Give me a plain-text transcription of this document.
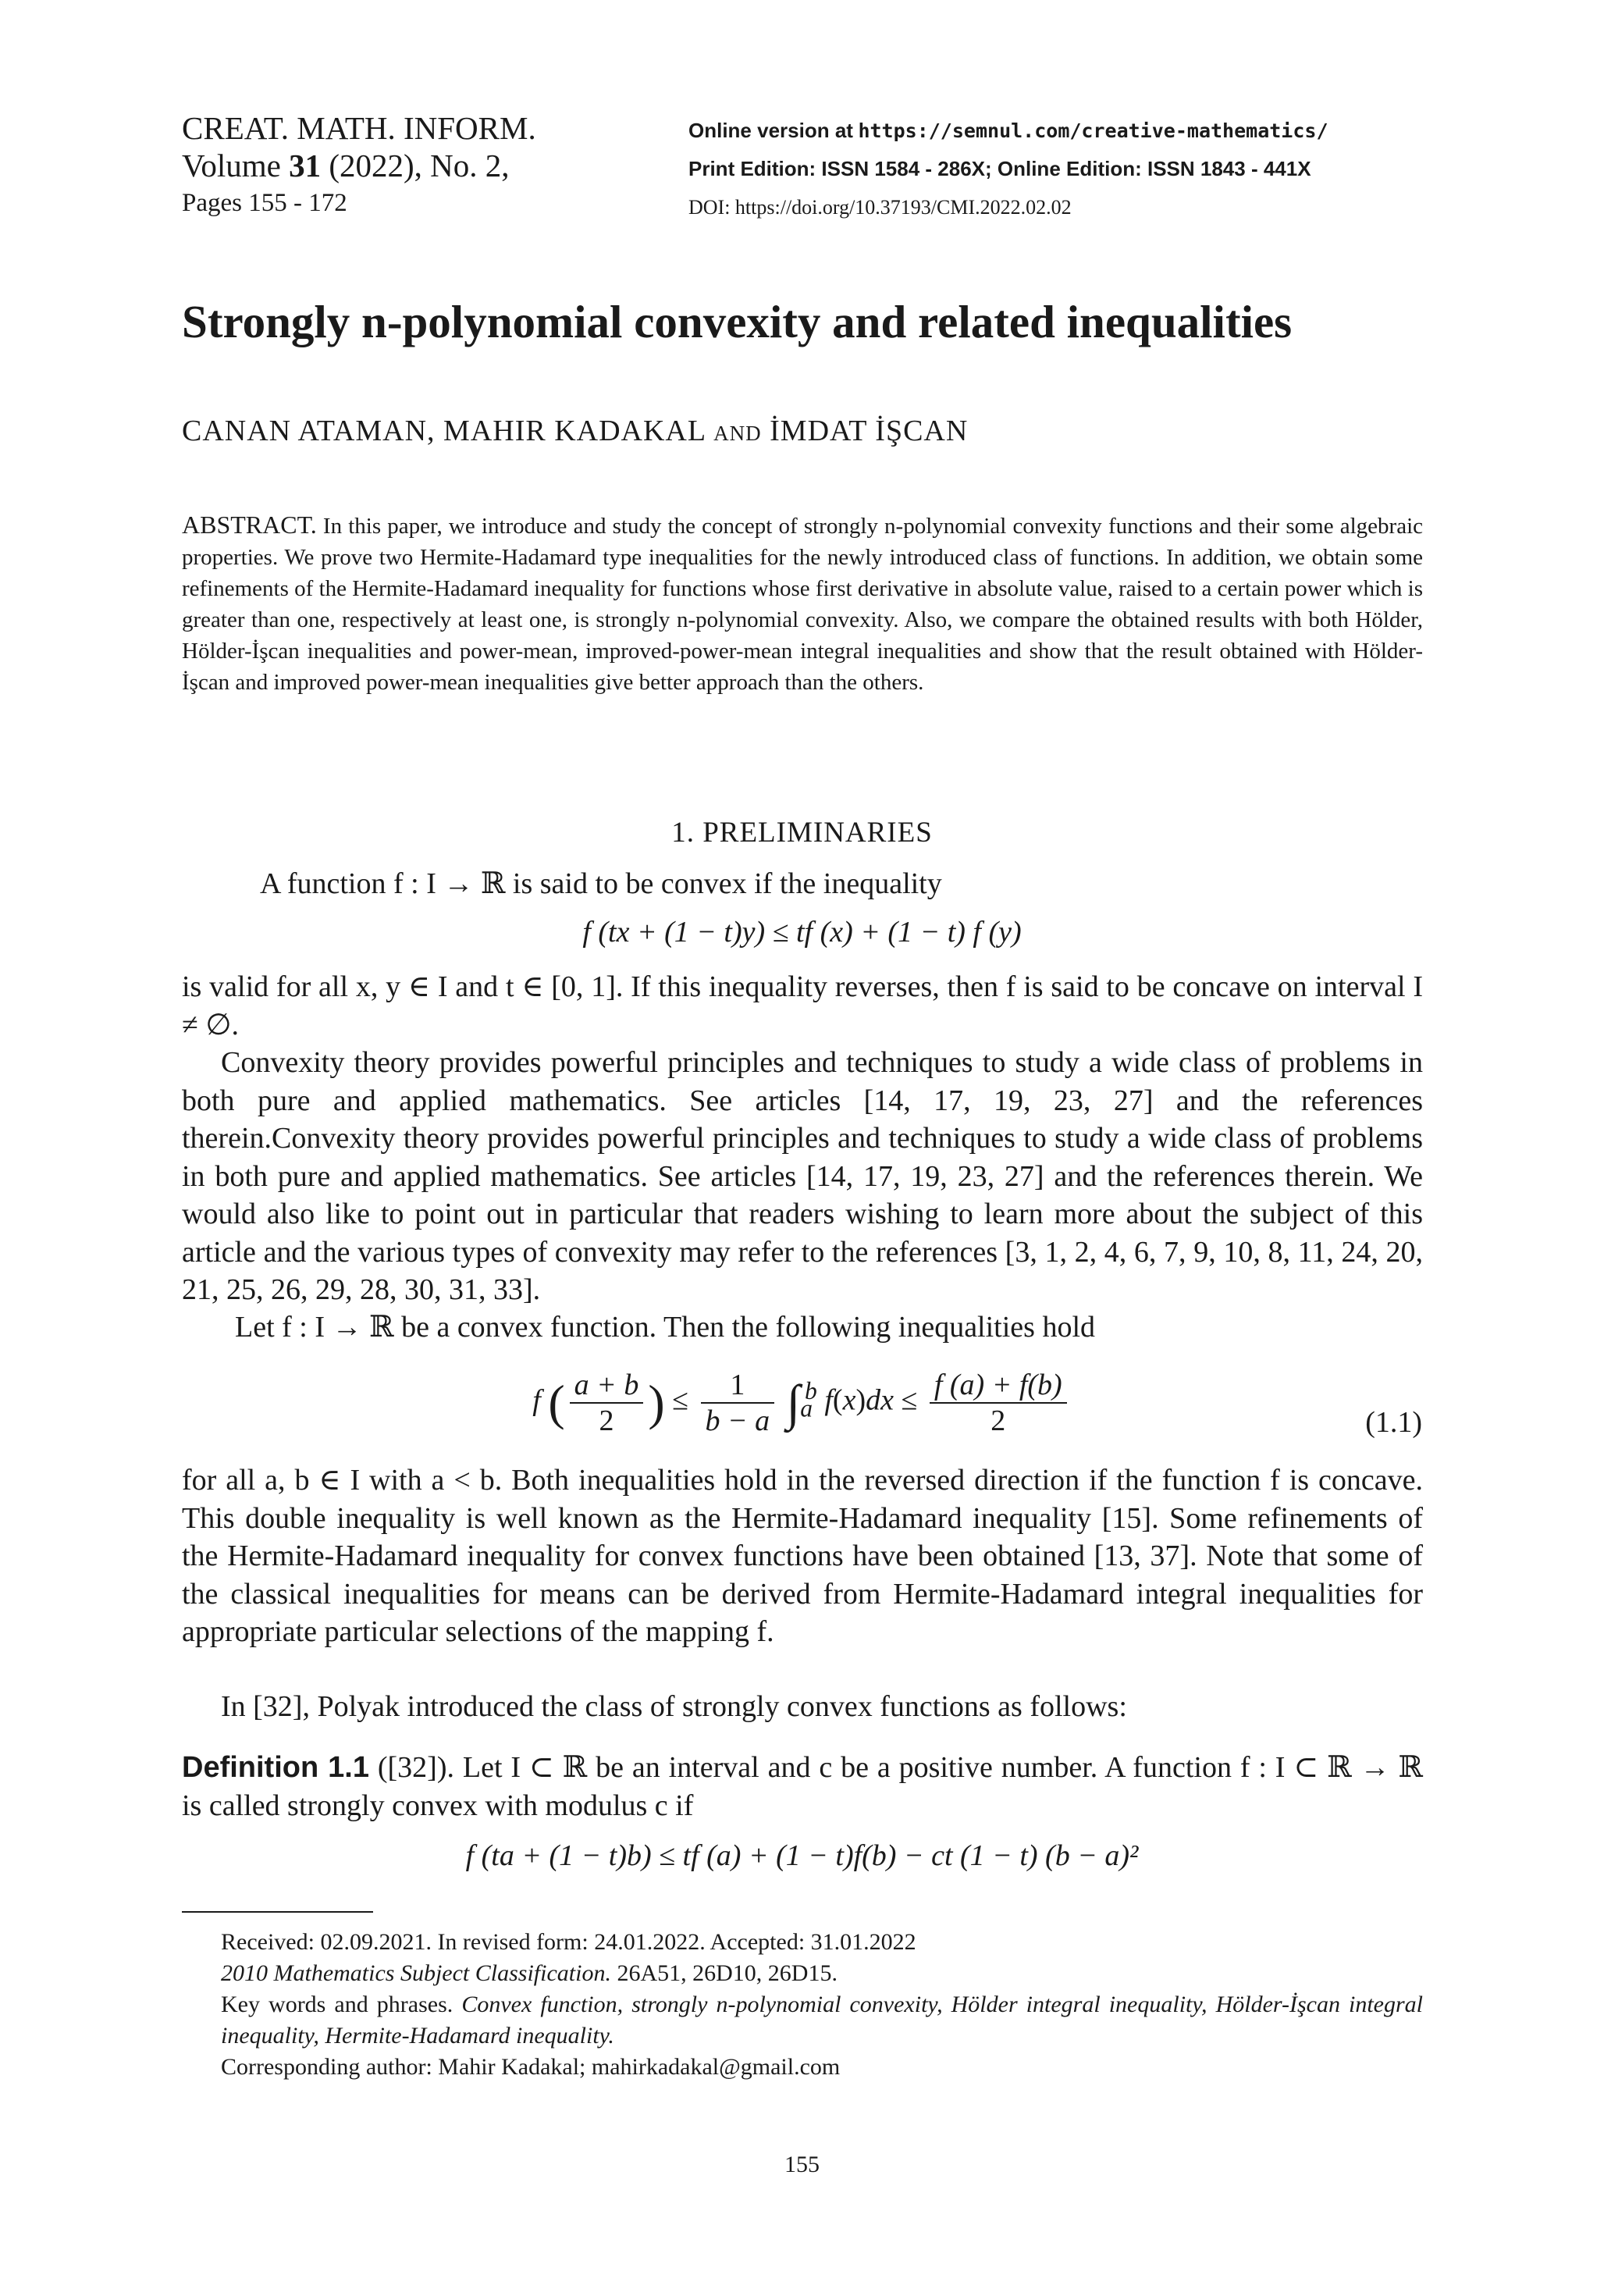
CREAT. MATH. INFORM.
Volume 31 (2022), No. 2,
Pages 155 - 172
Online version at https://semnul.com/creative-mathematics/
Print Edition: ISSN 1584 - 286X; Online Edition: ISSN 1843 - 441X
DOI: https://doi.org/10.37193/CMI.2022.02.02
Strongly n-polynomial convexity and related inequalities
CANAN ATAMAN, MAHIR KADAKAL and İMDAT İŞCAN
ABSTRACT. In this paper, we introduce and study the concept of strongly n-polynomial convexity functions and their some algebraic properties. We prove two Hermite-Hadamard type inequalities for the newly introduced class of functions. In addition, we obtain some refinements of the Hermite-Hadamard inequality for functions whose first derivative in absolute value, raised to a certain power which is greater than one, respectively at least one, is strongly n-polynomial convexity. Also, we compare the obtained results with both Hölder, Hölder-İşcan inequalities and power-mean, improved-power-mean integral inequalities and show that the result obtained with Hölder-İşcan and improved power-mean inequalities give better approach than the others.
1. PRELIMINARIES
A function f : I → ℝ is said to be convex if the inequality
f (tx + (1 − t)y) ≤ tf (x) + (1 − t) f (y)
is valid for all x, y ∈ I and t ∈ [0, 1]. If this inequality reverses, then f is said to be concave on interval I ≠ ∅.
Convexity theory provides powerful principles and techniques to study a wide class of problems in both pure and applied mathematics. See articles [14, 17, 19, 23, 27] and the references therein.Convexity theory provides powerful principles and techniques to study a wide class of problems in both pure and applied mathematics. See articles [14, 17, 19, 23, 27] and the references therein. We would also like to point out in particular that readers wishing to learn more about the subject of this article and the various types of convexity may refer to the references [3, 1, 2, 4, 6, 7, 9, 10, 8, 11, 24, 20, 21, 25, 26, 29, 28, 30, 31, 33].
Let f : I → ℝ be a convex function. Then the following inequalities hold
f ( $\frac{a + b}{2}$ ) ≤ $\frac{1}{b - a} \int_a^b$ $f(x)dx \le \frac{f (a) + f(b)}{2}$	(1.1)
for all a, b ∈ I with a < b. Both inequalities hold in the reversed direction if the function f is concave. This double inequality is well known as the Hermite-Hadamard inequality [15]. Some refinements of the Hermite-Hadamard inequality for convex functions have been obtained [13, 37]. Note that some of the classical inequalities for means can be derived from Hermite-Hadamard integral inequalities for appropriate particular selections of the mapping f.
In [32], Polyak introduced the class of strongly convex functions as follows:
Definition 1.1 ([32]). Let I ⊂ ℝ be an interval and c be a positive number. A function f : I ⊂ ℝ → ℝ is called strongly convex with modulus c if
f (ta + (1 − t)b) ≤ tf (a) + (1 − t)f(b) − ct (1 − t) (b − a)²
Received: 02.09.2021. In revised form: 24.01.2022. Accepted: 31.01.2022
2010 Mathematics Subject Classification. 26A51, 26D10, 26D15.
Key words and phrases. Convex function, strongly n-polynomial convexity, Hölder integral inequality, Hölder-İşcan integral inequality, Hermite-Hadamard inequality.
Corresponding author: Mahir Kadakal; mahirkadakal@gmail.com
155
